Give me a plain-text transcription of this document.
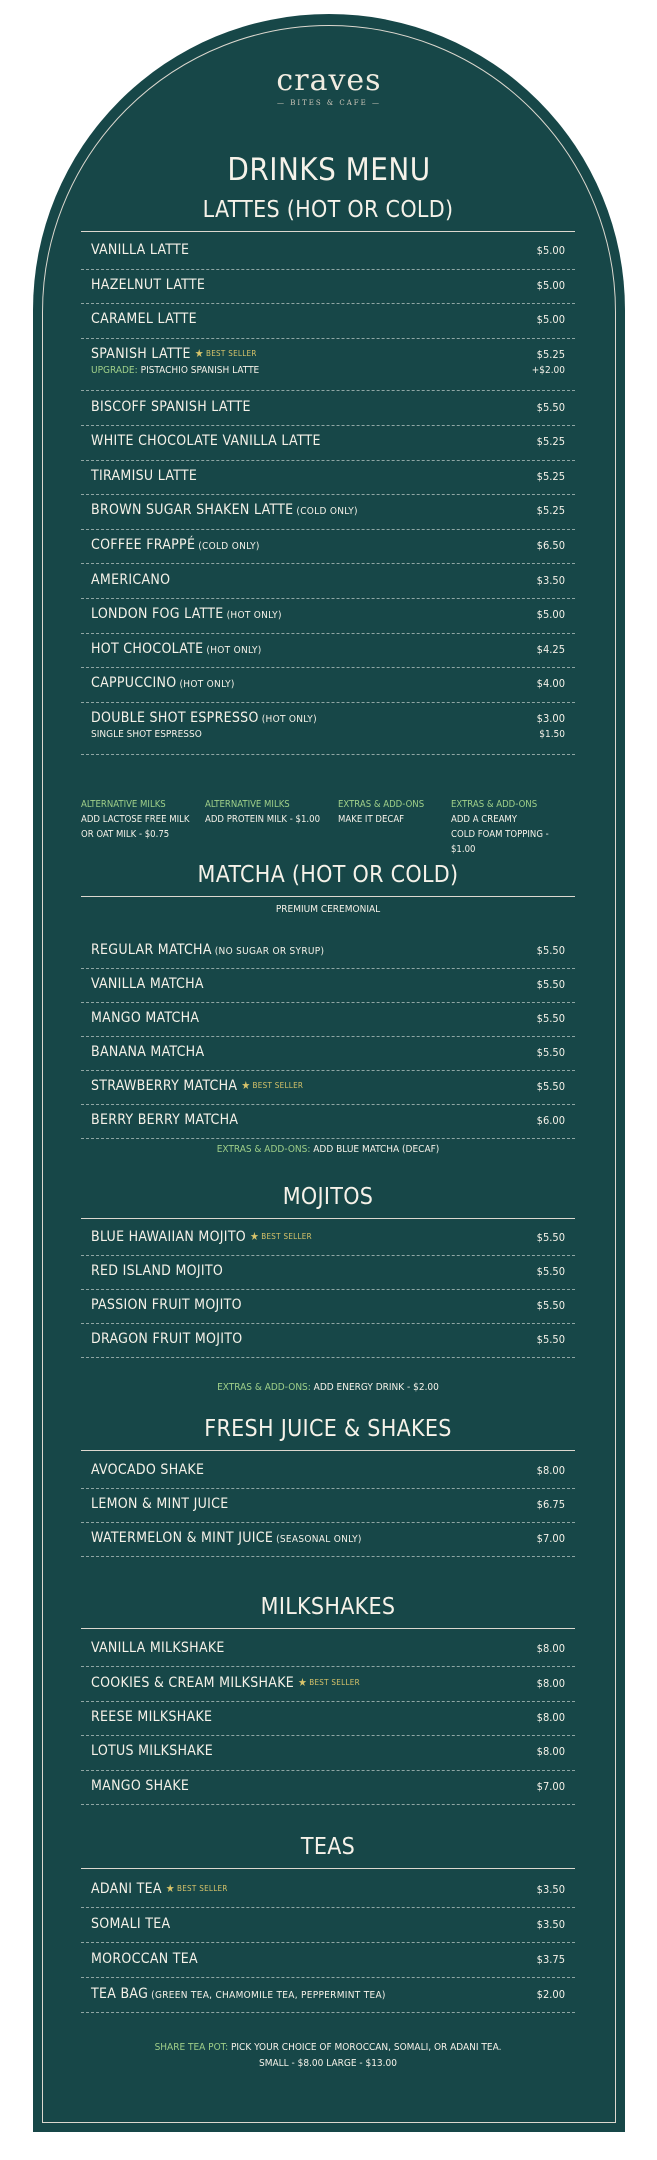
craves
— BITES & CAFE —
DRINKS MENU
LATTES (HOT OR COLD)
VANILLA LATTE	$5.00
HAZELNUT LATTE	$5.00
CARAMEL LATTE	$5.00
SPANISH LATTE ★ BEST SELLER	$5.25
UPGRADE: PISTACHIO SPANISH LATTE	+$2.00
BISCOFF SPANISH LATTE	$5.50
WHITE CHOCOLATE VANILLA LATTE	$5.25
TIRAMISU LATTE	$5.25
BROWN SUGAR SHAKEN LATTE (COLD ONLY)	$5.25
COFFEE FRAPPÉ (COLD ONLY)	$6.50
AMERICANO	$3.50
LONDON FOG LATTE (HOT ONLY)	$5.00
HOT CHOCOLATE (HOT ONLY)	$4.25
CAPPUCCINO (HOT ONLY)	$4.00
DOUBLE SHOT ESPRESSO (HOT ONLY)	$3.00
SINGLE SHOT ESPRESSO	$1.50
ALTERNATIVE MILKS
ADD LACTOSE FREE MILK
OR OAT MILK - $0.75
ALTERNATIVE MILKS
ADD PROTEIN MILK - $1.00
EXTRAS & ADD-ONS
MAKE IT DECAF
EXTRAS & ADD-ONS
ADD A CREAMY
COLD FOAM TOPPING - $1.00
MATCHA (HOT OR COLD)
REGULAR MATCHA (NO SUGAR OR SYRUP)	$5.50
VANILLA MATCHA	$5.50
MANGO MATCHA	$5.50
BANANA MATCHA	$5.50
STRAWBERRY MATCHA ★ BEST SELLER	$5.50
BERRY BERRY MATCHA	$6.00
PREMIUM CEREMONIAL
EXTRAS & ADD-ONS: ADD BLUE MATCHA (DECAF)
MOJITOS
BLUE HAWAIIAN MOJITO ★ BEST SELLER	$5.50
RED ISLAND MOJITO	$5.50
PASSION FRUIT MOJITO	$5.50
DRAGON FRUIT MOJITO	$5.50
EXTRAS & ADD-ONS: ADD ENERGY DRINK - $2.00
FRESH JUICE & SHAKES
AVOCADO SHAKE	$8.00
LEMON & MINT JUICE	$6.75
WATERMELON & MINT JUICE (SEASONAL ONLY)	$7.00
MILKSHAKES
VANILLA MILKSHAKE	$8.00
COOKIES & CREAM MILKSHAKE ★ BEST SELLER	$8.00
REESE MILKSHAKE	$8.00
LOTUS MILKSHAKE	$8.00
MANGO SHAKE	$7.00
TEAS
ADANI TEA ★ BEST SELLER	$3.50
SOMALI TEA	$3.50
MOROCCAN TEA	$3.75
TEA BAG (GREEN TEA, CHAMOMILE TEA, PEPPERMINT TEA)	$2.00
SHARE TEA POT: PICK YOUR CHOICE OF MOROCCAN, SOMALI, OR ADANI TEA.
SMALL - $8.00 LARGE - $13.00
